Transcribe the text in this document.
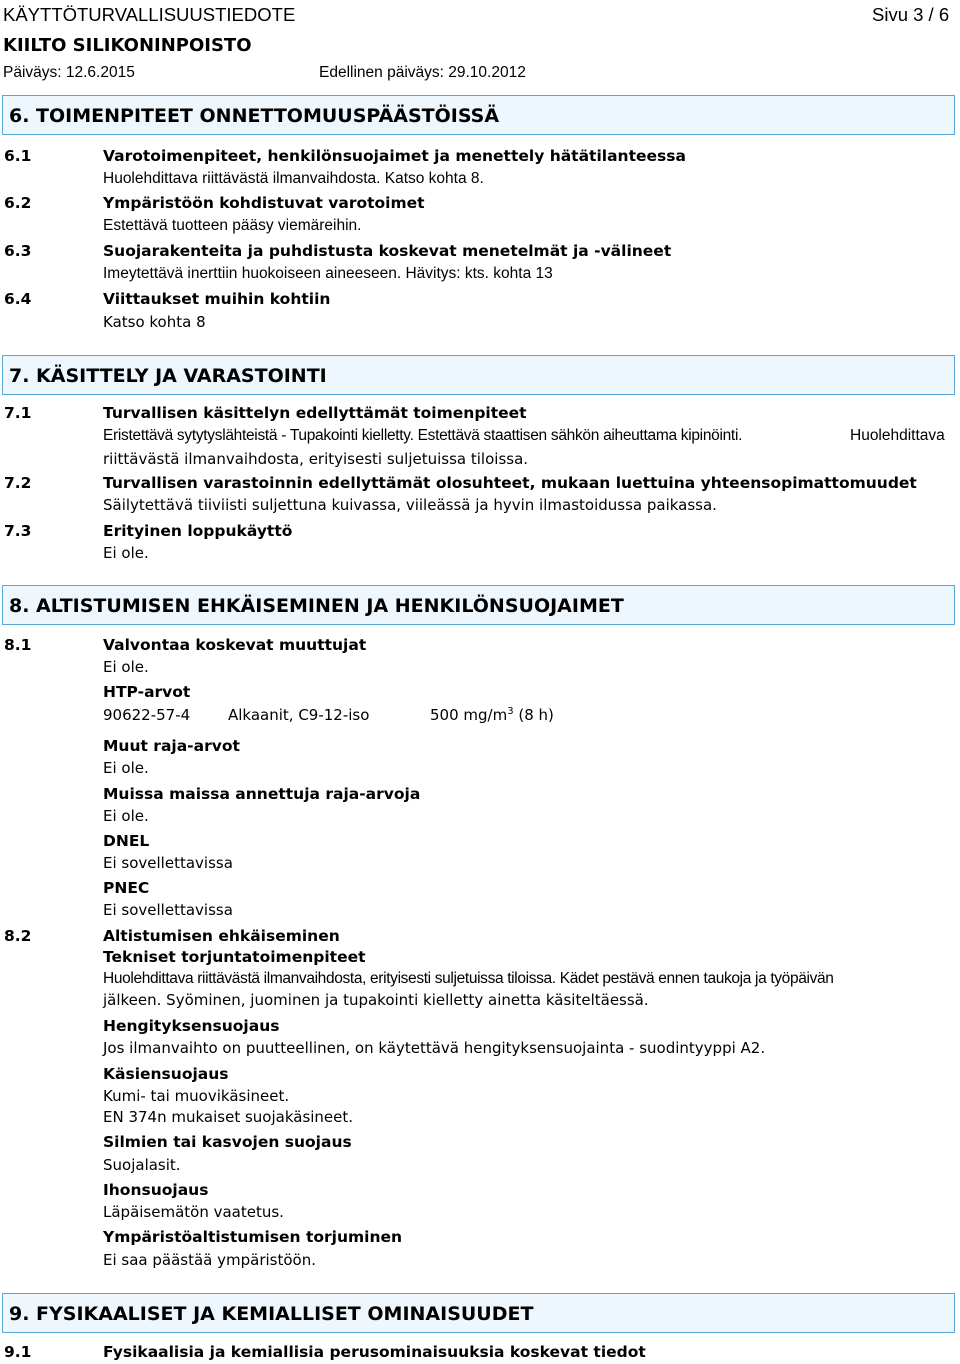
KÄYTTÖTURVALLISUUSTIEDOTE	Sivu 3 / 6
KIILTO SILIKONINPOISTO
Päiväys: 12.6.2015	Edellinen päiväys: 29.10.2012
6. TOIMENPITEET ONNETTOMUUSPÄÄSTÖISSÄ
6.1	Varotoimenpiteet, henkilönsuojaimet ja menettely hätätilanteessa
Huolehdittava riittävästä ilmanvaihdosta. Katso kohta 8.
6.2	Ympäristöön kohdistuvat varotoimet
Estettävä tuotteen pääsy viemäreihin.
6.3	Suojarakenteita ja puhdistusta koskevat menetelmät ja -välineet
Imeytettävä inerttiin huokoiseen aineeseen. Hävitys: kts. kohta 13
6.4	Viittaukset muihin kohtiin
Katso kohta 8
7. KÄSITTELY JA VARASTOINTI
7.1	Turvallisen käsittelyn edellyttämät toimenpiteet
Eristettävä sytytyslähteistä - Tupakointi kielletty. Estettävä staattisen sähkön aiheuttama kipinöinti.	Huolehdittava
riittävästä ilmanvaihdosta, erityisesti suljetuissa tiloissa.
7.2	Turvallisen varastoinnin edellyttämät olosuhteet, mukaan luettuina yhteensopimattomuudet
Säilytettävä tiiviisti suljettuna kuivassa, viileässä ja hyvin ilmastoidussa paikassa.
7.3	Erityinen loppukäyttö
Ei ole.
8. ALTISTUMISEN EHKÄISEMINEN JA HENKILÖNSUOJAIMET
8.1	Valvontaa koskevat muuttujat
Ei ole.
HTP-arvot
90622-57-4	Alkaanit, C9-12-iso	500 $mg/m^3$ (8 h)
Muut raja-arvot
Ei ole.
Muissa maissa annettuja raja-arvoja
Ei ole.
DNEL
Ei sovellettavissa
PNEC
Ei sovellettavissa
8.2	Altistumisen ehkäiseminen
Tekniset torjuntatoimenpiteet
Huolehdittava riittävästä ilmanvaihdosta, erityisesti suljetuissa tiloissa. Kädet pestävä ennen taukoja ja työpäivän
jälkeen. Syöminen, juominen ja tupakointi kielletty ainetta käsiteltäessä.
Hengityksensuojaus
Jos ilmanvaihto on puutteellinen, on käytettävä hengityksensuojainta - suodintyyppi A2.
Käsiensuojaus
Kumi- tai muovikäsineet.
EN 374n mukaiset suojakäsineet.
Silmien tai kasvojen suojaus
Suojalasit.
Ihonsuojaus
Läpäisemätön vaatetus.
Ympäristöaltistumisen torjuminen
Ei saa päästää ympäristöön.
9. FYSIKAALISET JA KEMIALLISET OMINAISUUDET
9.1	Fysikaalisia ja kemiallisia perusominaisuuksia koskevat tiedot
